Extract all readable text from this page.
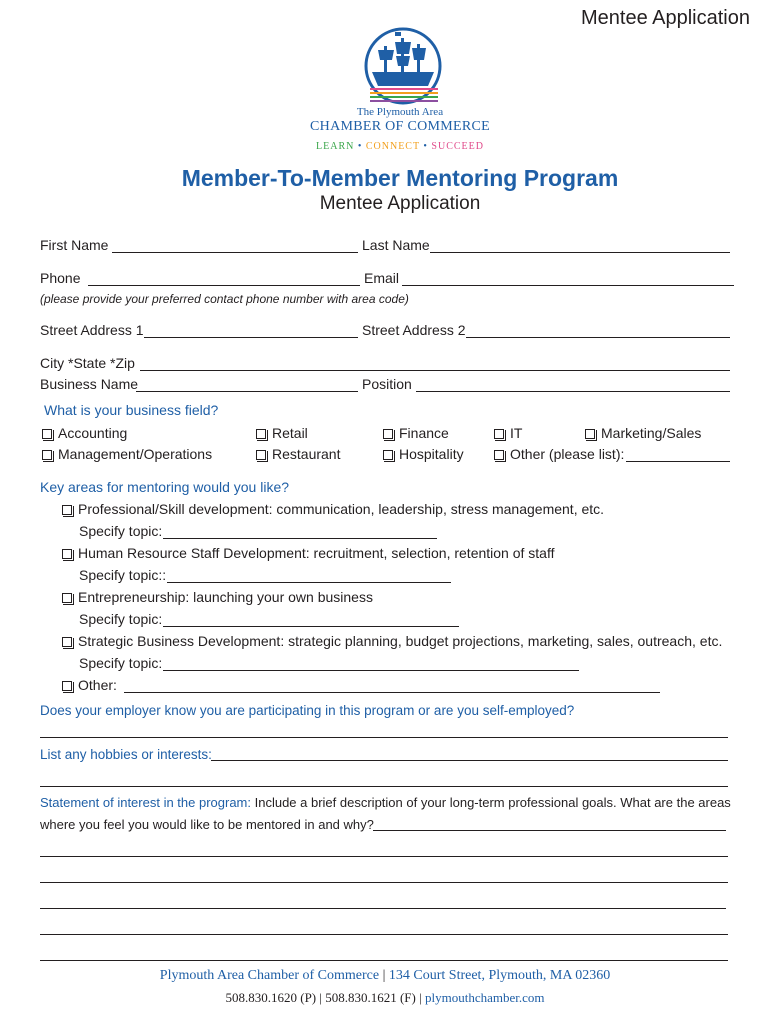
Mentee Application
The Plymouth Area
CHAMBER OF COMMERCE
LEARN • CONNECT • SUCCEED
Member-To-Member Mentoring Program
Mentee Application
First Name	Last Name
Phone	Email
(please provide your preferred contact phone number with area code)
Street Address 1	Street Address 2
City *State *Zip
Business Name	Position
What is your business field?
Accounting	Retail	Finance	IT	Marketing/Sales
Management/Operations	Restaurant	Hospitality	Other (please list):
Key areas for mentoring would you like?
Professional/Skill development: communication, leadership, stress management, etc.
Specify topic:
Human Resource Staff Development: recruitment, selection, retention of staff
Specify topic::
Entrepreneurship: launching your own business
Specify topic:
Strategic Business Development: strategic planning, budget projections, marketing, sales, outreach, etc.
Specify topic:
Other:
Does your employer know you are participating in this program or are you self-employed?
List any hobbies or interests:
Statement of interest in the program: Include a brief description of your long-term professional goals. What are the areas
where you feel you would like to be mentored in and why?
Plymouth Area Chamber of Commerce | 134 Court Street, Plymouth, MA 02360
508.830.1620 (P) | 508.830.1621 (F) | plymouthchamber.com
